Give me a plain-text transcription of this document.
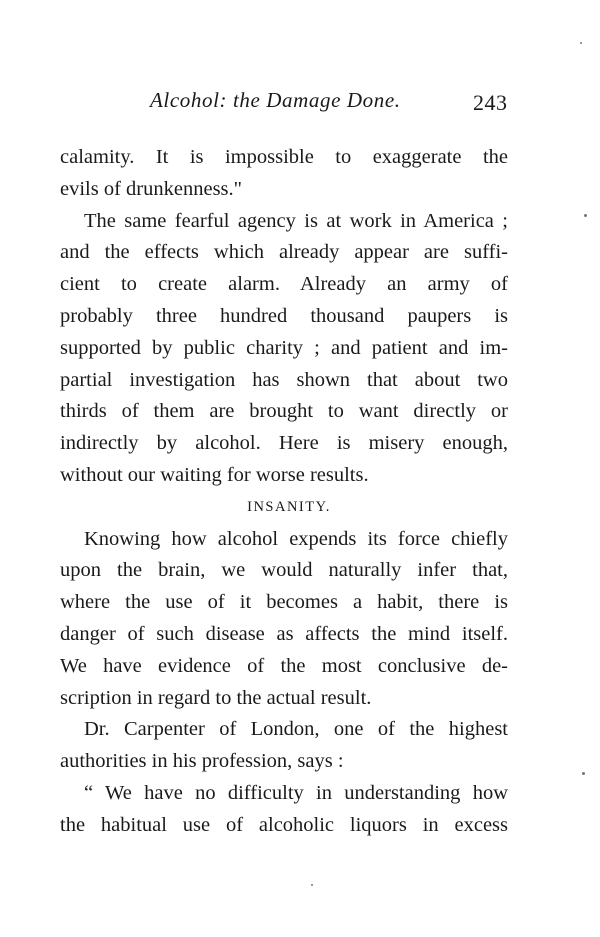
Alcohol: the Damage Done.	243
calamity. It is impossible to exaggerate the
evils of drunkenness."
The same fearful agency is at work in America ;
and the effects which already appear are suffi-
cient to create alarm. Already an army of
probably three hundred thousand paupers is
supported by public charity ; and patient and im-
partial investigation has shown that about two
thirds of them are brought to want directly or
indirectly by alcohol. Here is misery enough,
without our waiting for worse results.
INSANITY.
Knowing how alcohol expends its force chiefly
upon the brain, we would naturally infer that,
where the use of it becomes a habit, there is
danger of such disease as affects the mind itself.
We have evidence of the most conclusive de-
scription in regard to the actual result.
Dr. Carpenter of London, one of the highest
authorities in his profession, says :
“ We have no difficulty in understanding how
the habitual use of alcoholic liquors in excess
